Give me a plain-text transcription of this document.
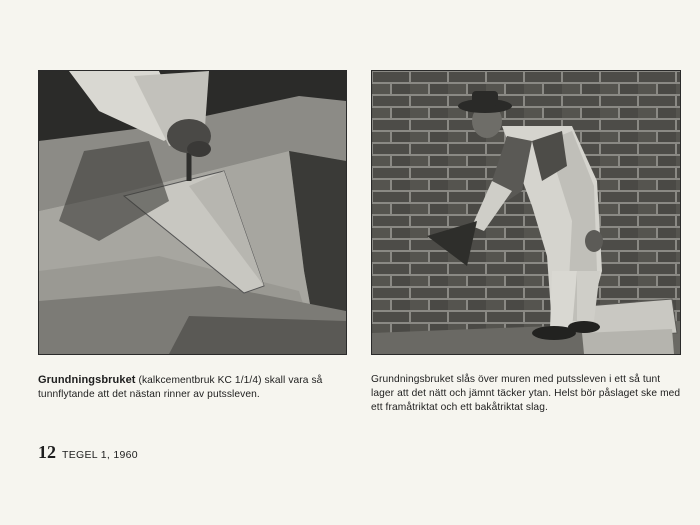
Grundningsbruket (kalkcementbruk KC 1/1/4) skall vara så tunnflytande att det nästan rinner av putssleven.
Grundningsbruket slås över muren med putssleven i ett så tunt lager att det nätt och jämnt täcker ytan. Helst bör påslaget ske med ett framåtriktat och ett bakåtriktat slag.
12 TEGEL 1, 1960
